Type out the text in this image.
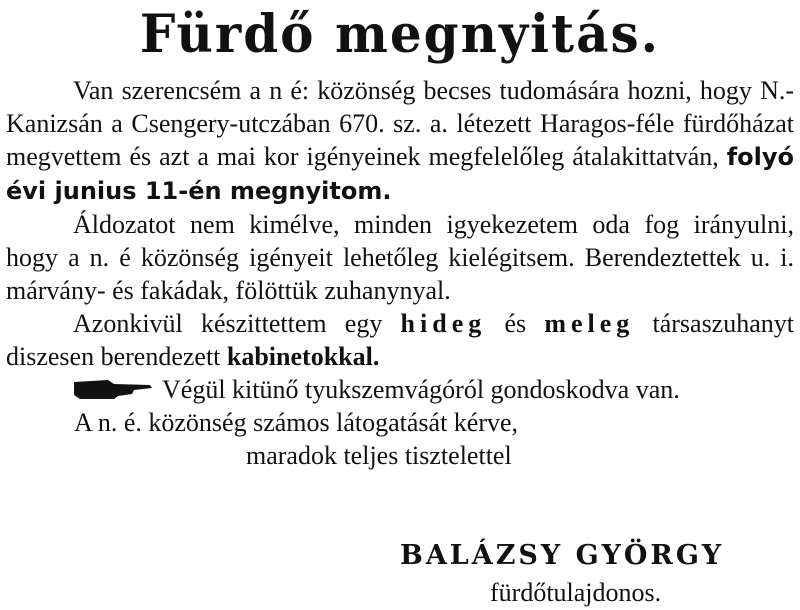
Fürdő megnyitás.

Van szerencsém a n é: közönség becses tudomására hozni, hogy N.-Kanizsán a Csengery-utczában 670. sz. a. létezett Haragos-féle fürdőházat megvettem és azt a mai kor igényeinek megfelelőleg átalakittatván, folyó évi junius 11-én megnyitom.

Áldozatot nem kimélve, minden igyekezetem oda fog irányulni, hogy a n. é közönség igényeit lehetőleg kielégitsem. Berendeztettek u. i. márvány- és fakádak, fölöttük zuhanynyal.

Azonkivül készittettem egy hideg és meleg társaszuhanyt diszesen berendezett kabinetokkal.

Végül kitünő tyukszemvágóról gondoskodva van.
A n. é. közönség számos látogatását kérve,
maradok teljes tisztelettel
BALÁZSY GYÖRGY
fürdőtulajdonos.
